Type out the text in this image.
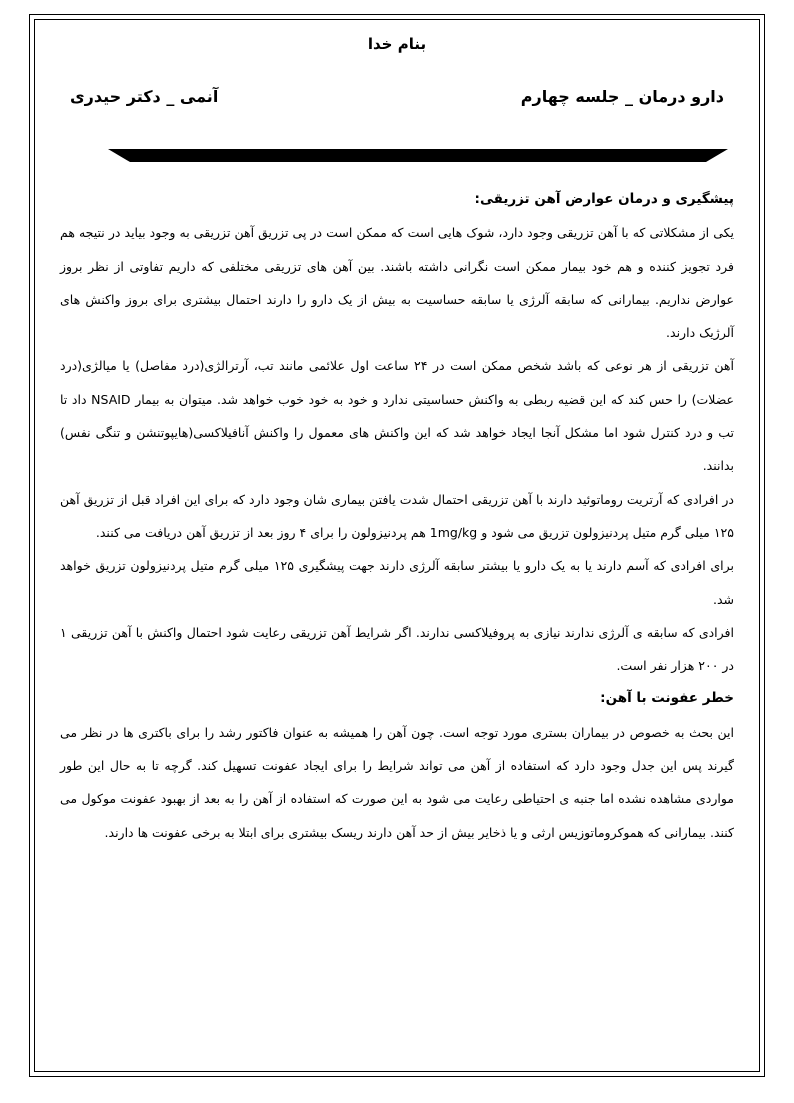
بنام خدا
دارو درمان _ جلسه چهارم
آنمی _ دکتر حیدری
پیشگیری و درمان عوارض آهن تزریقی:

یکی از مشکلاتی که با آهن تزریقی وجود دارد، شوک هایی است که ممکن است در پی تزریق آهن تزریقی به وجود بیاید در نتیجه هم فرد تجویز کننده و هم خود بیمار ممکن است نگرانی داشته باشند. بین آهن های تزریقی مختلفی که داریم تفاوتی از نظر بروز عوارض نداریم. بیمارانی که سابقه آلرژی یا سابقه حساسیت به بیش از یک دارو را دارند احتمال بیشتری برای بروز واکنش های آلرژیک دارند.

آهن تزریقی از هر نوعی که باشد شخص ممکن است در ۲۴ ساعت اول علائمی مانند تب، آرترالژی(درد مفاصل) یا میالژی(درد عضلات) را حس کند که این قضیه ربطی به واکنش حساسیتی ندارد و خود به خود خوب خواهد شد. میتوان به بیمار NSAID داد تا تب و درد کنترل شود اما مشکل آنجا ایجاد خواهد شد که این واکنش های معمول را واکنش آنافیلاکسی(هایپوتنشن و تنگی نفس) بدانند.

در افرادی که آرتریت روماتوئید دارند با آهن تزریقی احتمال شدت یافتن بیماری شان وجود دارد که برای این افراد قبل از تزریق آهن ۱۲۵ میلی گرم متیل پردنیزولون تزریق می شود و 1mg/kg هم پردنیزولون را برای ۴ روز بعد از تزریق آهن دریافت می کنند.

برای افرادی که آسم دارند یا به یک دارو یا بیشتر سابقه آلرژی دارند جهت پیشگیری ۱۲۵ میلی گرم متیل پردنیزولون تزریق خواهد شد.

افرادی که سابقه ی آلرژی ندارند نیازی به پروفیلاکسی ندارند. اگر شرایط آهن تزریقی رعایت شود احتمال واکنش با آهن تزریقی ۱ در ۲۰۰ هزار نفر است.

خطر عفونت با آهن:

این بحث به خصوص در بیماران بستری مورد توجه است. چون آهن را همیشه به عنوان فاکتور رشد را برای باکتری ها در نظر می گیرند پس این جدل وجود دارد که استفاده از آهن می تواند شرایط را برای ایجاد عفونت تسهیل کند. گرچه تا به حال این طور مواردی مشاهده نشده اما جنبه ی احتیاطی رعایت می شود به این صورت که استفاده از آهن را به بعد از بهبود عفونت موکول می کنند. بیمارانی که هموکروماتوزیس ارثی و یا ذخایر بیش از حد آهن دارند ریسک بیشتری برای ابتلا به برخی عفونت ها دارند.
